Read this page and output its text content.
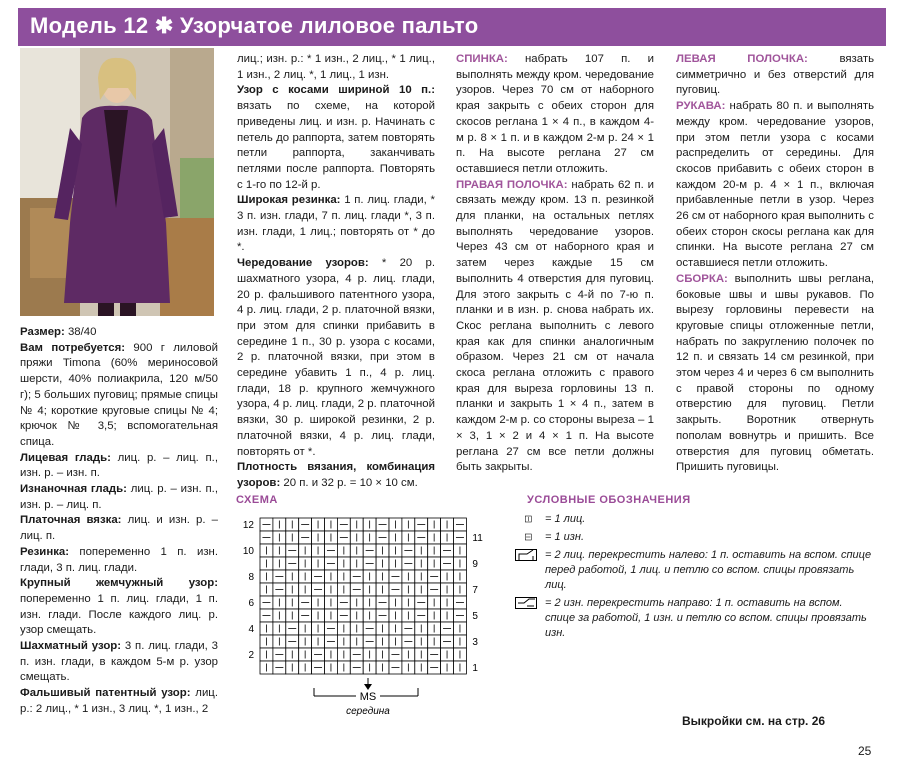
Модель 12 ✱ Узорчатое лиловое пальто

Размер: 38/40

Вам потребуется: 900 г лиловой пряжи Timona (60% мериносовой шерсти, 40% полиакрила, 120 м/50 г); 5 больших пуговиц; прямые спицы № 4; короткие круговые спицы № 4; крючок № 3,5; вспомогательная спица.

Лицевая гладь: лиц. р. – лиц. п., изн. р. – изн. п.

Изнаночная гладь: лиц. р. – изн. п., изн. р. – лиц. п.

Платочная вязка: лиц. и изн. р. – лиц. п.

Резинка: попеременно 1 п. изн. глади, 3 п. лиц. глади.

Крупный жемчужный узор: попеременно 1 п. лиц. глади, 1 п. изн. глади. После каждого лиц. р. узор смещать.

Шахматный узор: 3 п. лиц. глади, 3 п. изн. глади, в каждом 5-м р. узор смещать.

Фальшивый патентный узор: лиц. р.: 2 лиц., * 1 изн., 3 лиц. *, 1 изн., 2

лиц.; изн. р.: * 1 изн., 2 лиц., * 1 лиц., 1 изн., 2 лиц. *, 1 лиц., 1 изн.

Узор с косами шириной 10 п.: вязать по схеме, на которой приведены лиц. и изн. р. Начинать с петель до раппорта, затем повторять петли раппорта, заканчивать петлями после раппорта. Повторять с 1-го по 12-й р.

Широкая резинка: 1 п. лиц. глади, * 3 п. изн. глади, 7 п. лиц. глади *, 3 п. изн. глади, 1 лиц.; повторять от * до *.

Чередование узоров: * 20 р. шахматного узора, 4 р. лиц. глади, 20 р. фальшивого патентного узора, 4 р. лиц. глади, 2 р. платочной вязки, при этом для спинки прибавить в середине 1 п., 30 р. узора с косами, 2 р. платочной вязки, при этом в середине убавить 1 п., 4 р. лиц. глади, 18 р. крупного жемчужного узора, 4 р. лиц. глади, 2 р. платочной вязки, 30 р. широкой резинки, 2 р. платочной вязки, 4 р. лиц. глади, повторять от *.

Плотность вязания, комбинация узоров: 20 п. и 32 р. = 10 × 10 см.

СПИНКА: набрать 107 п. и выполнять между кром. чередование узоров. Через 70 см от наборного края закрыть с обеих сторон для скосов реглана 1 × 4 п., в каждом 4-м р. 8 × 1 п. и в каждом 2-м р. 24 × 1 п. На высоте реглана 27 см оставшиеся петли отложить.

ПРАВАЯ ПОЛОЧКА: набрать 62 п. и связать между кром. 13 п. резинкой для планки, на остальных петлях выполнять чередование узоров. Через 43 см от наборного края и затем через каждые 15 см выполнить 4 отверстия для пуговиц. Для этого закрыть с 4-й по 7-ю п. планки и в изн. р. снова набрать их. Скос реглана выполнить с левого края как для спинки аналогичным образом. Через 21 см от начала скоса реглана отложить с правого края для выреза горловины 13 п. планки и закрыть 1 × 4 п., затем в каждом 2-м р. со стороны выреза – 1 × 3, 1 × 2 и 4 × 1 п. На высоте реглана 27 см все петли должны быть закрыты.

ЛЕВАЯ ПОЛОЧКА: вязать симметрично и без отверстий для пуговиц.

РУКАВА: набрать 80 п. и выполнять между кром. чередование узоров, при этом петли узора с косами распределить от середины. Для скосов прибавить с обеих сторон в каждом 20-м р. 4 × 1 п., включая прибавленные петли в узор. Через 26 см от наборного края выполнить с обеих сторон скосы реглана как для спинки. На высоте реглана 27 см оставшиеся петли отложить.

СБОРКА: выполнить швы реглана, боковые швы и швы рукавов. По вырезу горловины перевести на круговые спицы отложенные петли, набрать по закруглению полочек по 12 п. и связать 14 см резинкой, при этом через 4 и через 6 см выполнить с правой стороны по одному отверстию для пуговиц. Петли закрыть. Воротник отвернуть пополам вовнутрь и пришить. Все отверстия для пуговиц обметать. Пришить пуговицы.

СХЕМА
12
10
8
6
4
2
11
9
7
5
3
1
MS
середина
УСЛОВНЫЕ ОБОЗНАЧЕНИЯ
= 1 лиц.
= 1 изн.
= 2 лиц. перекрестить налево: 1 п. оставить на вспом. спице перед работой, 1 лиц. и петлю со вспом. спицы провязать лиц.
= 2 изн. перекрестить направо: 1 п. оставить на вспом. спице за работой, 1 изн. и петлю со вспом. спицы провязать изн.
Выкройки см. на стр. 26
25
